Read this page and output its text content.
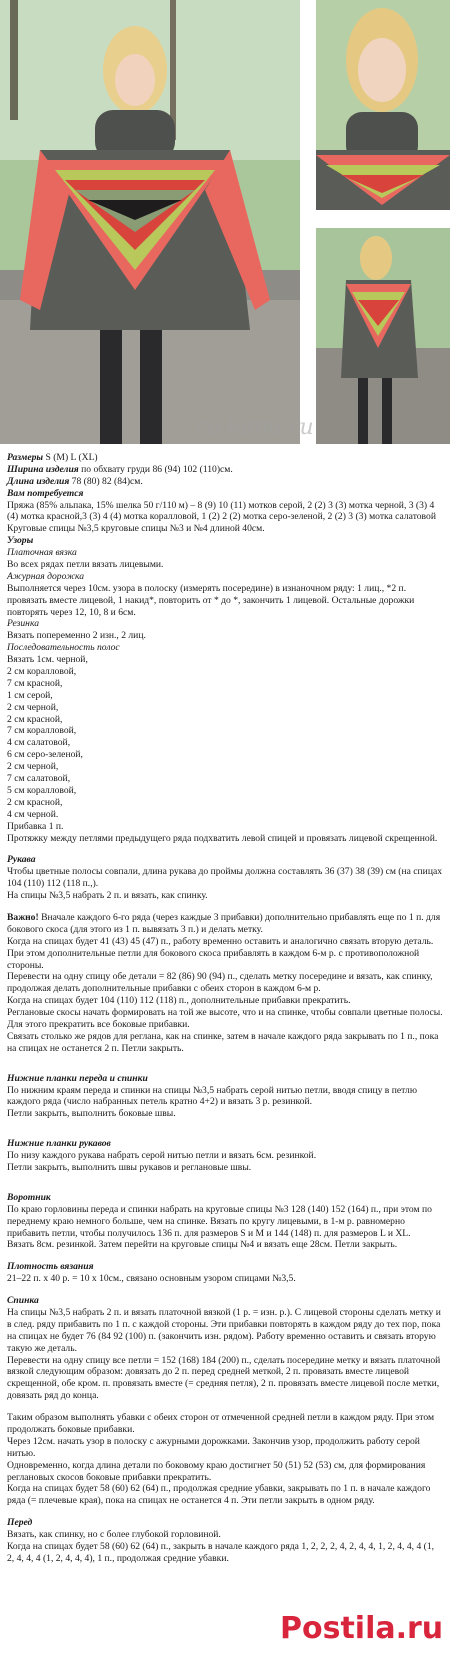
ru.kami.ru

Размеры S (M) L (XL)

Ширина изделия по обхвату груди 86 (94) 102 (110)см.

Длина изделия 78 (80) 82 (84)см.

Вам потребуется

Пряжа (85% альпака, 15% шелка 50 г/110 м) – 8 (9) 10 (11) мотков серой, 2 (2) 3 (3) мотка черной, 3 (3) 4 (4) мотка красной,3 (3) 4 (4) мотка коралловой, 1 (2) 2 (2) мотка серо-зеленой, 2 (2) 3 (3) мотка салатовой Круговые спицы №3,5 круговые спицы №3 и №4 длиной 40см.

Узоры

Платочная вязка

Во всех рядах петли вязать лицевыми.

Ажурная дорожка

Выполняется через 10см. узора в полоску (измерять посередине) в изнаночном ряду: 1 лиц., *2 п. провязать вместе лицевой, 1 накид*, повторить от * до *, закончить 1 лицевой. Остальные дорожки повторять через 12, 10, 8 и 6см.

Резинка

Вязать попеременно 2 изн., 2 лиц.

Последовательность полос

Вязать 1см. черной,

2 см коралловой,

7 см красной,

1 см серой,

2 см черной,

2 см красной,

7 см коралловой,

4 см салатовой,

6 см серо-зеленой,

2 см черной,

7 см салатовой,

5 см коралловой,

2 см красной,

4 см черной.

Прибавка 1 п.

Протяжку между петлями предыдущего ряда подхватить левой спицей и провязать лицевой скрещенной.

Рукава

Чтобы цветные полосы совпали, длина рукава до проймы должна составлять 36 (37) 38 (39) см (на спицах 104 (110) 112 (118 п.,).

На спицы №3,5 набрать 2 п. и вязать, как спинку.

Важно! Вначале каждого 6-го ряда (через каждые 3 прибавки) дополнительно прибавлять еще по 1 п. для бокового скоса (для этого из 1 п. вывязать 3 п.) и делать метку.

Когда на спицах будет 41 (43) 45 (47) п., работу временно оставить и аналогично связать вторую деталь. При этом дополнительные петли для бокового скоса прибавлять в каждом 6-м р. с противоположной стороны.

Перевести на одну спицу обе детали = 82 (86) 90 (94) п., сделать метку посередине и вязать, как спинку, продолжая делать дополнительные прибавки с обеих сторон в каждом 6-м р.

Когда на спицах будет 104 (110) 112 (118) п., дополнительные прибавки прекратить.

Реглановые скосы начать формировать на той же высоте, что и на спинке, чтобы совпали цветные полосы. Для этого прекратить все боковые прибавки.

Связать столько же рядов для реглана, как на спинке, затем в начале каждого ряда закрывать по 1 п., пока на спицах не останется 2 п. Петли закрыть.

Нижние планки переда и спинки

По нижним краям переда и спинки на спицы №3,5 набрать серой нитью петли, вводя спицу в петлю каждого ряда (число набранных петель кратно 4+2) и вязать 3 р. резинкой.

Петли закрыть, выполнить боковые швы.

Нижние планки рукавов

По низу каждого рукава набрать серой нитью петли и вязать 6см. резинкой.

Петли закрыть, выполнить швы рукавов и реглановые швы.

Воротник

По краю горловины переда и спинки набрать на круговые спицы №3 128 (140) 152 (164) п., при этом по переднему краю немного больше, чем на спинке. Вязать по кругу лицевыми, в 1-м р. равномерно прибавить петли, чтобы получилось 136 п. для размеров S и M и 144 (148) п. для размеров L и XL.

Вязать 8см. резинкой. Затем перейти на круговые спицы №4 и вязать еще 28см. Петли закрыть.

Плотность вязания

21–22 п. х 40 р. = 10 х 10см., связано основным узором спицами №3,5.

Спинка

На спицы №3,5 набрать 2 п. и вязать платочной вязкой (1 р. = изн. р.). С лицевой стороны сделать метку и в след. ряду прибавить по 1 п. с каждой стороны. Эти прибавки повторять в каждом ряду до тех пор, пока на спицах не будет 76 (84 92 (100) п. (закончить изн. рядом). Работу временно оставить и связать вторую такую же деталь.

Перевести на одну спицу все петли = 152 (168) 184 (200) п., сделать посередине метку и вязать платочной вязкой следующим образом: довязать до 2 п. перед средней меткой, 2 п. провязать вместе лицевой скрещенной, обе кром. п. провязать вместе (= средняя петля), 2 п. провязать вместе лицевой после метки, довязать ряд до конца.

Таким образом выполнять убавки с обеих сторон от отмеченной средней петли в каждом ряду. При этом продолжать боковые прибавки.

Через 12см. начать узор в полоску с ажурными дорожками. Закончив узор, продолжить работу серой нитью.

Одновременно, когда длина детали по боковому краю достигнет 50 (51) 52 (53) см, для формирования реглановых скосов боковые прибавки прекратить.

Когда на спицах будет 58 (60) 62 (64) п., продолжая средние убавки, закрывать по 1 п. в начале каждого ряда (= плечевые края), пока на спицах не останется 4 п. Эти петли закрыть в одном ряду.

Перед

Вязать, как спинку, но с более глубокой горловиной.

Когда на спицах будет 58 (60) 62 (64) п., закрыть в начале каждого ряда 1, 2, 2, 2, 4, 2, 4, 4, 1, 2, 4, 4, 4 (1, 2, 4, 4, 4 (1, 2, 4, 4, 4), 1 п., продолжая средние убавки.

Postila.ru
